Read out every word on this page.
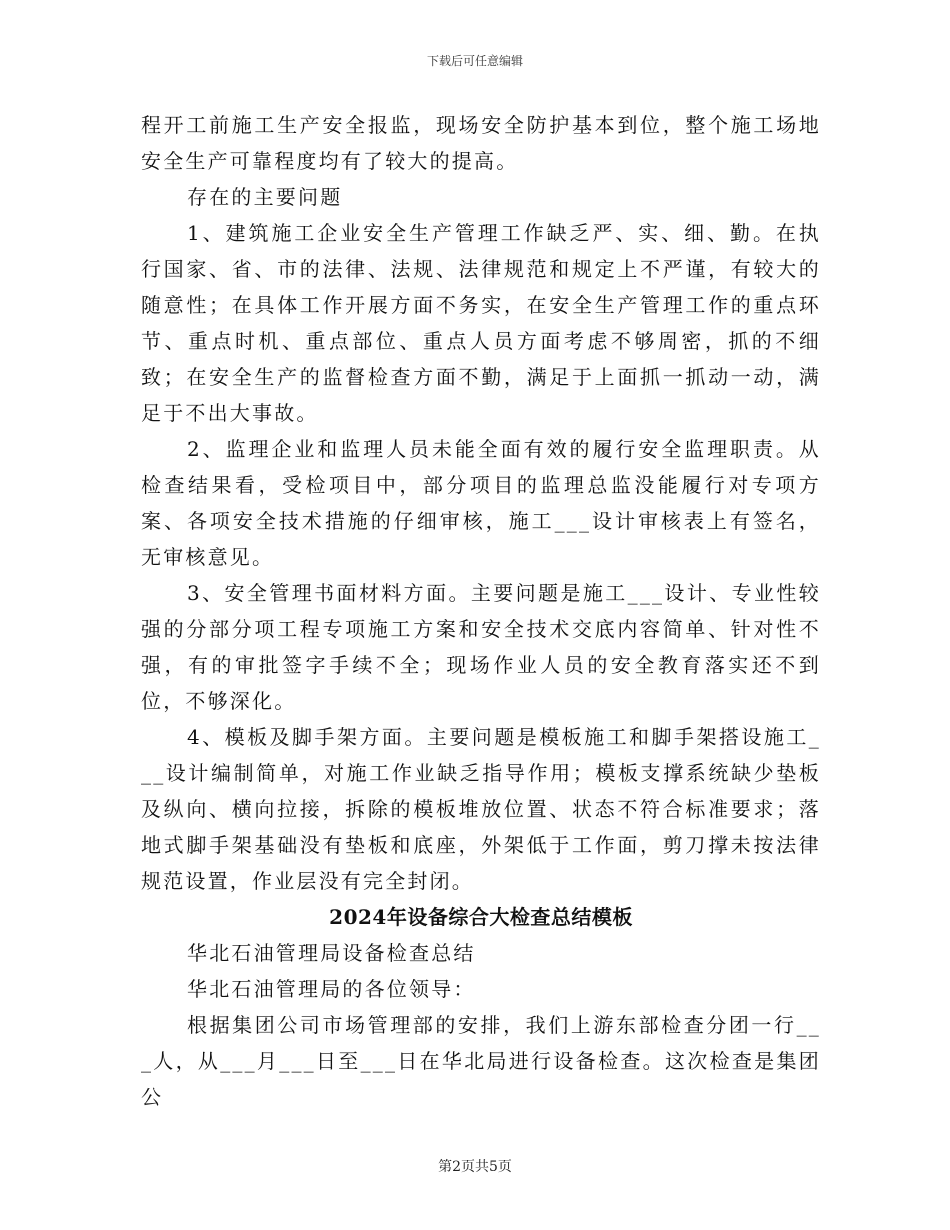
下载后可任意编辑

程开工前施工生产安全报监，现场安全防护基本到位，整个施工场地安全生产可靠程度均有了较大的提高。

存在的主要问题

1、建筑施工企业安全生产管理工作缺乏严、实、细、勤。在执行国家、省、市的法律、法规、法律规范和规定上不严谨，有较大的随意性；在具体工作开展方面不务实，在安全生产管理工作的重点环节、重点时机、重点部位、重点人员方面考虑不够周密，抓的不细致；在安全生产的监督检查方面不勤，满足于上面抓一抓动一动，满足于不出大事故。

2、监理企业和监理人员未能全面有效的履行安全监理职责。从检查结果看，受检项目中，部分项目的监理总监没能履行对专项方案、各项安全技术措施的仔细审核，施工___设计审核表上有签名，无审核意见。

3、安全管理书面材料方面。主要问题是施工___设计、专业性较强的分部分项工程专项施工方案和安全技术交底内容简单、针对性不强，有的审批签字手续不全；现场作业人员的安全教育落实还不到位，不够深化。

4、模板及脚手架方面。主要问题是模板施工和脚手架搭设施工___设计编制简单，对施工作业缺乏指导作用；模板支撑系统缺少垫板及纵向、横向拉接，拆除的模板堆放位置、状态不符合标准要求；落地式脚手架基础没有垫板和底座，外架低于工作面，剪刀撑未按法律规范设置，作业层没有完全封闭。

2024年设备综合大检查总结模板

华北石油管理局设备检查总结

华北石油管理局的各位领导：

根据集团公司市场管理部的安排，我们上游东部检查分团一行___人，从___月___日至___日在华北局进行设备检查。这次检查是集团公

第2页共5页
